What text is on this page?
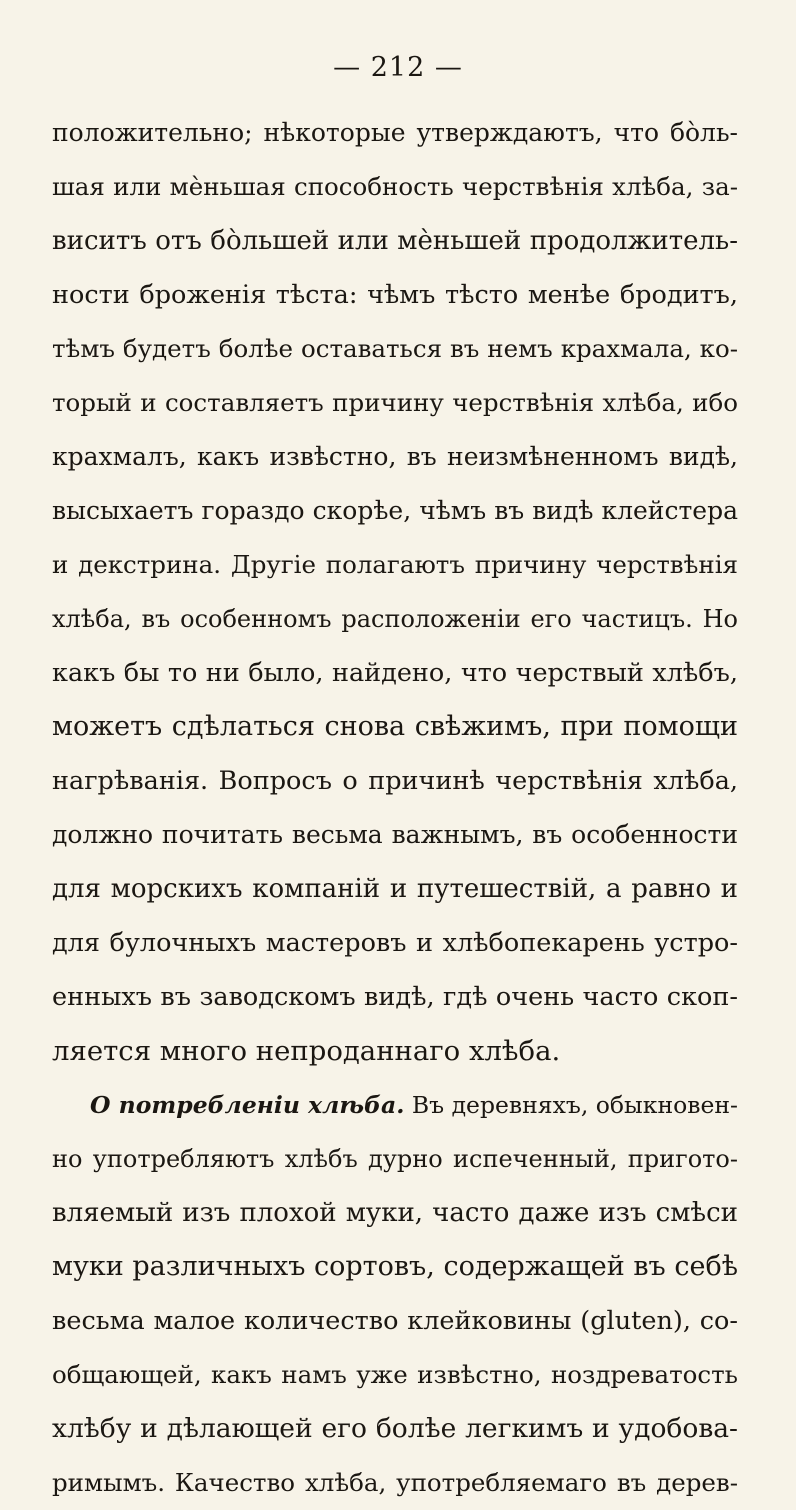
— 212 —
положительно; нѣкоторые утверждаютъ, что бо̀ль-
шая или мѐньшая способность черствѣнія хлѣба, за-
виситъ отъ бо̀льшей или мѐньшей продолжитель-
ности броженія тѣста: чѣмъ тѣсто менѣе бродитъ,
тѣмъ будетъ болѣе оставаться въ немъ крахмала, ко-
торый и составляетъ причину черствѣнія хлѣба, ибо
крахмалъ, какъ извѣстно, въ неизмѣненномъ видѣ,
высыхаетъ гораздо скорѣе, чѣмъ въ видѣ клейстера
и декстрина. Другіе полагаютъ причину черствѣнія
хлѣба, въ особенномъ расположеніи его частицъ. Но
какъ бы то ни было, найдено, что черствый хлѣбъ,
можетъ сдѣлаться снова свѣжимъ, при помощи
нагрѣванія. Вопросъ о причинѣ черствѣнія хлѣба,
должно почитать весьма важнымъ, въ особенности
для морскихъ компаній и путешествій, а равно и
для булочныхъ мастеровъ и хлѣбопекарень устро-
енныхъ въ заводскомъ видѣ, гдѣ очень часто скоп-
ляется много непроданнаго хлѣба.
О потребленіи хлѣба. Въ деревняхъ, обыкновен-
но употребляютъ хлѣбъ дурно испеченный, пригото-
вляемый изъ плохой муки, часто даже изъ смѣси
муки различныхъ сортовъ, содержащей въ себѣ
весьма малое количество клейковины (gluten), со-
общающей, какъ намъ уже извѣстно, ноздреватость
хлѣбу и дѣлающей его болѣе легкимъ и удобова-
римымъ. Качество хлѣба, употребляемаго въ дерев-
